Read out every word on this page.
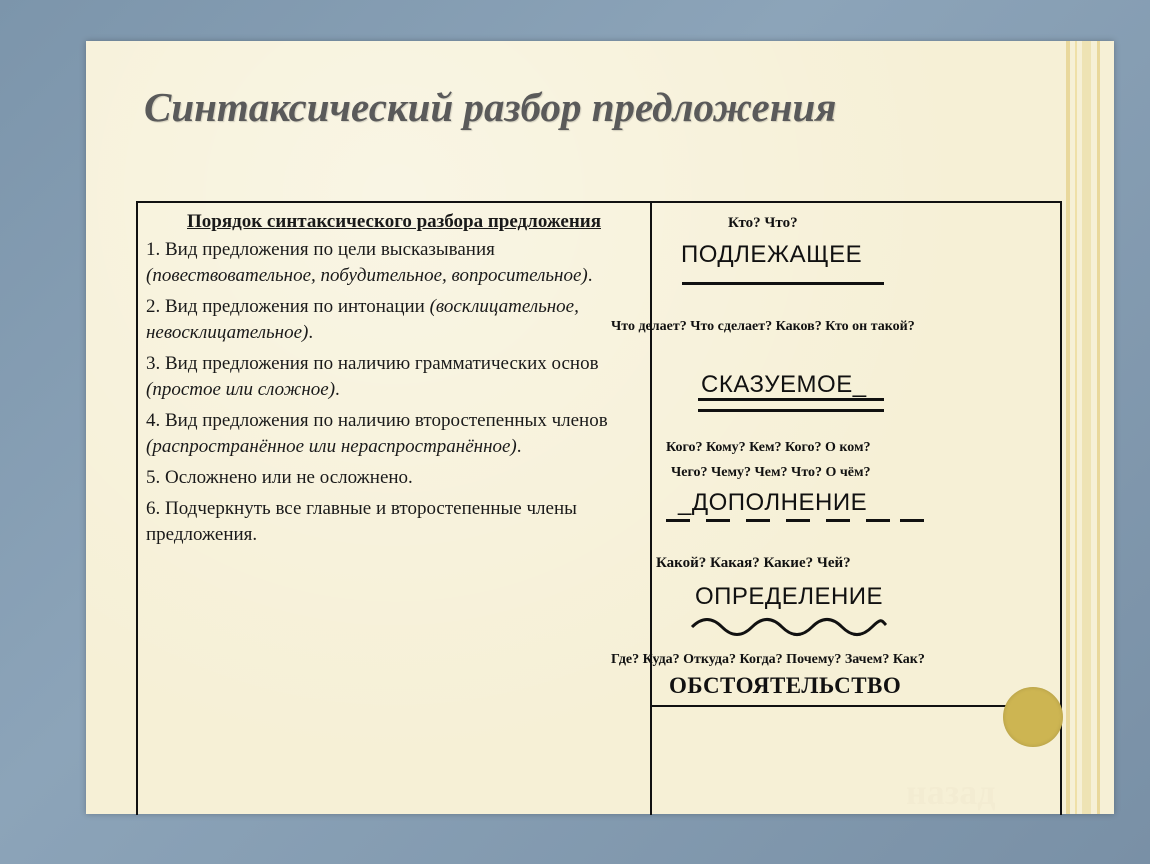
Синтаксический разбор предложения
Порядок синтаксического разбора предложения
1. Вид предложения по цели высказывания (повествовательное, побудительное, вопросительное).
2. Вид предложения по интонации (восклицательное, невосклицательное).
3. Вид предложения по наличию грамматических основ (простое или сложное).
4. Вид предложения по наличию второстепенных членов (распространённое или нераспространённое).
5. Осложнено или не осложнено.
6. Подчеркнуть все главные и второстепенные члены предложения.
Кто? Что?
ПОДЛЕЖАЩЕЕ
Что делает? Что сделает? Каков? Кто он такой?
СКАЗУЕМОЕ_
Кого? Кому? Кем? Кого? О ком?
Чего? Чему? Чем? Что? О чём?
_ДОПОЛНЕНИЕ
Какой? Какая? Какие? Чей?
ОПРЕДЕЛЕНИЕ
Где? Куда? Откуда? Когда? Почему? Зачем? Как?
ОБСТОЯТЕЛЬСТВО
назад
